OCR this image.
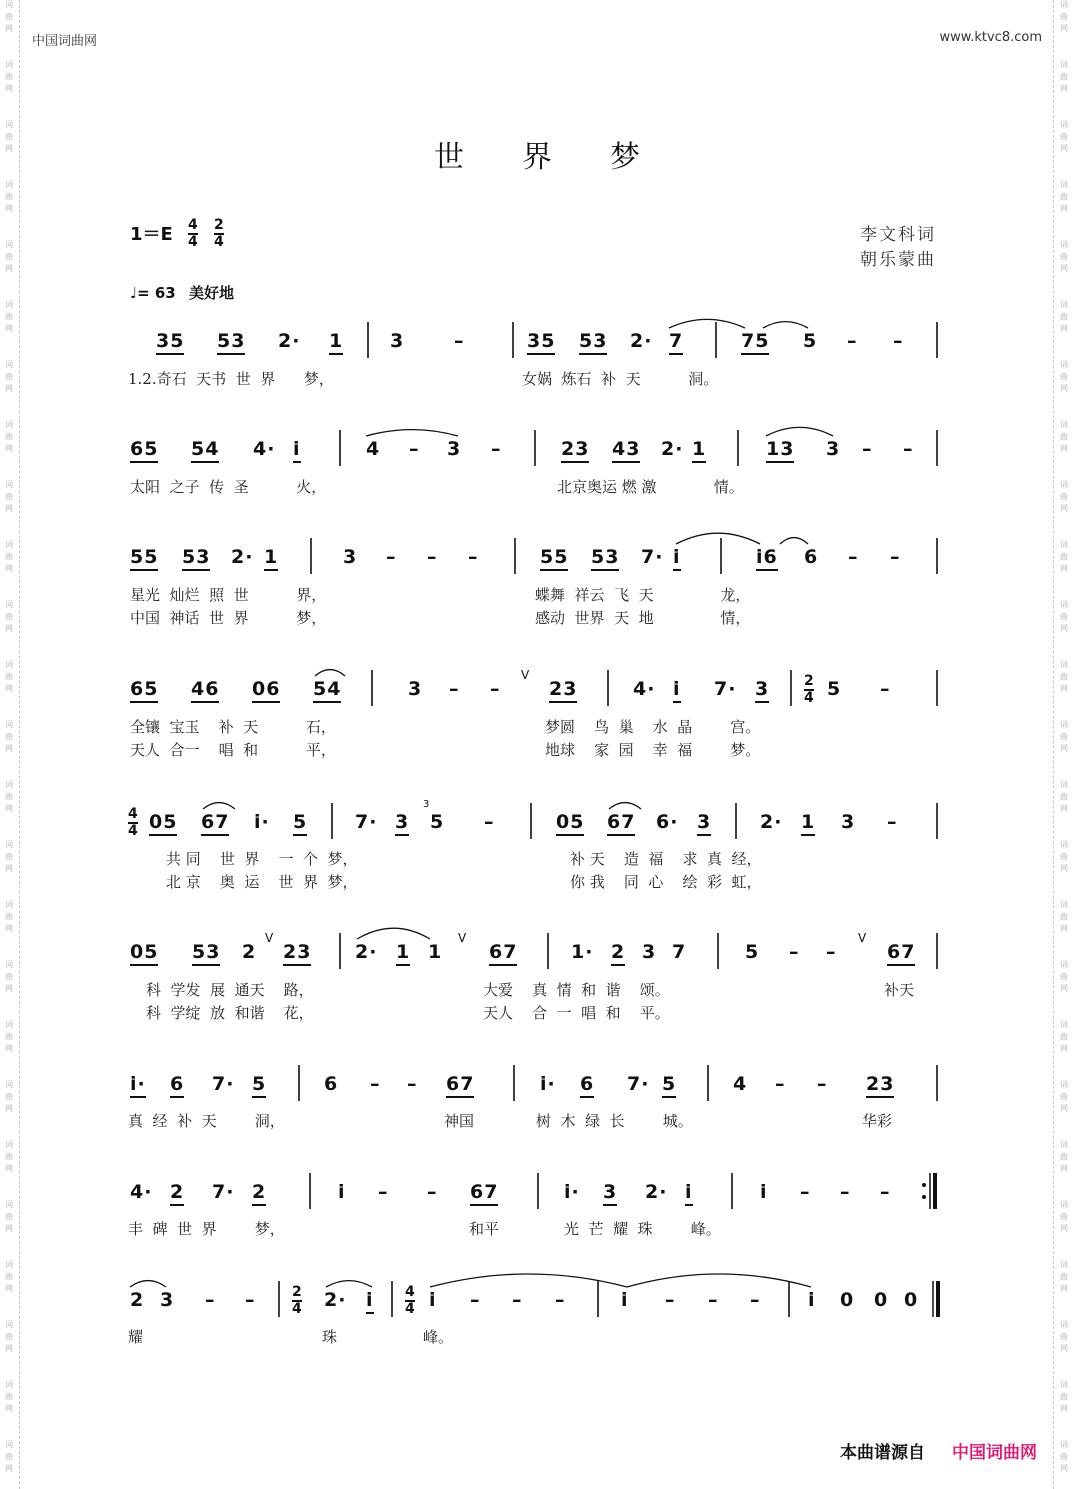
词
曲
网
词
曲
网
词
曲
网
词
曲
网
词
曲
网
词
曲
网
词
曲
网
词
曲
网
词
曲
网
词
曲
网
词
曲
网
词
曲
网
词
曲
网
词
曲
网
词
曲
网
词
曲
网
词
曲
网
词
曲
网
词
曲
网
词
曲
网
词
曲
网
词
曲
网
词
曲
网
词
曲
网
词
曲
网
词
曲
网
词
曲
网
词
曲
网
词
曲
网
词
曲
网
词
曲
网
词
曲
网
词
曲
网
词
曲
网
词
曲
网
词
曲
网
词
曲
网
词
曲
网
词
曲
网
词
曲
网
词
曲
网
词
曲
网
词
曲
网
词
曲
网
词
曲
网
词
曲
网
词
曲
网
词
曲
网
词
曲
网
词
曲
网
中国词曲网	www.ktvc8.com
世界梦
$1=E \frac{4}{4} \frac{2}{4}$	李文科词
朝乐蒙曲
♩= 63 美好地
35 53 2· 1 3	–	35 53 2· 7	75 5 – –
1.2.奇石  天书  世  界      梦，	女娲  炼石  补  天          洞。
65 54 4· i	4 – 3 –	23 43 2· 1	13 3 – –
太阳  之子  传  圣          火，	北京奥运 燃 激            情。
55 53 2· 1	3 – – –	55 53 7· i	i6 6 – –
星光  灿烂  照  世          界，	蝶舞  祥云  飞  天              龙，
中国  神话  世  界          梦，	感动  世界  天  地              情，
65 46 06 54	3 – –	23	4· i 7· 3	5 –
全镶  宝玉    补  天          石，	梦圆    鸟  巢    水  晶        宫。
天人  合一    唱  和          平，	地球    家  园    幸  福        梦。
05 67 i· 5	7· 3 5 –	05 67 6· 3	2· 1 3 –
共 同    世  界    一  个  梦，	补 天    造  福    求  真  经，
北 京    奥  运    世  界  梦，	你 我    同  心    绘  彩  虹，
05 53 2 23 2· 1 1 67	1· 2 3 7	5 – –	67
科  学发  展  通天    路，	大爱    真  情  和  谐    颂。	补天
科  学绽  放  和谐    花，	天人    合  一  唱  和    平。
i· 6 7· 5	6 – – 67	i· 6 7· 5	4 – – 23
真  经  补  天        洞，	神国	树  木  绿  长        城。	华彩
4· 2 7· 2	i – – 67	i· 3 2· i	i – – –
丰  碑  世  界        梦，	和平	光  芒  耀  珠        峰。
2 3 – –	2· i	i – – –	i – – –	i 0 0 0
耀	珠	峰。
V
V	V	V
3
$\frac{2}{4}$
$\frac{4}{4}$
$\frac{2}{4}$	$\frac{4}{4}$
本曲谱源自 中国词曲网
